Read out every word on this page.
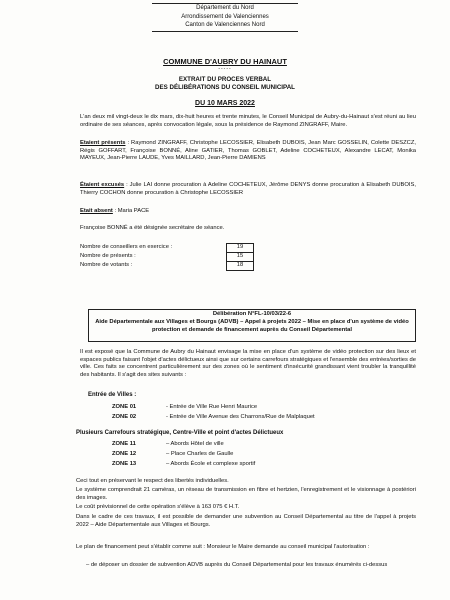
Département du Nord
Arrondissement de Valenciennes
Canton de Valenciennes Nord
COMMUNE D'AUBRY DU HAINAUT
-----
EXTRAIT DU PROCES VERBAL
DES DÉLIBÉRATIONS DU CONSEIL MUNICIPAL
DU 10 MARS 2022
L'an deux mil vingt-deux le dix mars, dix-huit heures et trente minutes, le Conseil Municipal de Aubry-du-Hainaut s'est réuni au lieu ordinaire de ses séances, après convocation légale, sous la présidence de Raymond ZINGRAFF, Maire.
Etaient présents : Raymond ZINGRAFF, Christophe LECOSSIER, Elisabeth DUBOIS, Jean Marc GOSSELIN, Colette DESZCZ, Régis GOFFART, Françoise BONNÉ, Aline GATIER, Thomas GOBLET, Adeline COCHETEUX, Alexandre LECAT, Monika MAYEUX, Jean-Pierre LAUDE, Yves MAILLARD, Jean-Pierre DAMIENS
Étaient excusés : Julie LAI donne procuration à Adeline COCHETEUX, Jérôme DENYS donne procuration à Elisabeth DUBOIS, Thierry COCHON donne procuration à Christophe LECOSSIER
Etait absent : Maria PACE
Françoise BONNÉ a été désignée secrétaire de séance.
Nombre de conseillers en exercice :	19
Nombre de présents :	15
Nombre de votants :	18
Délibération N°FL-10/03/22-6
Aide Départementale aux Villages et Bourgs (ADVB) – Appel à projets 2022 – Mise en place d'un système de vidéo protection et demande de financement auprès du Conseil Départemental
Il est exposé que la Commune de Aubry du Hainaut envisage la mise en place d'un système de vidéo protection sur des lieux et espaces publics faisant l'objet d'actes délictueux ainsi que sur certains carrefours stratégiques et l'ensemble des entrées/sorties de ville. Ces faits se concentrent particulièrement sur des zones où le sentiment d'insécurité grandissant vient troubler la tranquillité des habitants. Il s'agit des sites suivants :
Entrée de Villes :
ZONE 01	- Entrée de Ville Rue Henri Maurice
ZONE 02	- Entrée de Ville Avenue des Charrons/Rue de Malplaquet
Plusieurs Carrefours stratégique, Centre-Ville et point d'actes Délictueux
ZONE 11	– Abords Hôtel de ville
ZONE 12	– Place Charles de Gaulle
ZONE 13	– Abords École et complexe sportif
Ceci tout en préservant le respect des libertés individuelles.
Le système comprendrait 21 caméras, un réseau de transmission en fibre et hertzien, l'enregistrement et le visionnage à postériori des images.
Le coût prévisionnel de cette opération s'élève à 163 075 € H.T.
Dans le cadre de ces travaux, il est possible de demander une subvention au Conseil Départemental au titre de l'appel à projets 2022 – Aide Départementale aux Villages et Bourgs.
Le plan de financement peut s'établir comme suit : Monsieur le Maire demande au conseil municipal l'autorisation :
– de déposer un dossier de subvention ADVB auprès du Conseil Départemental pour les travaux énumérés ci-dessus
